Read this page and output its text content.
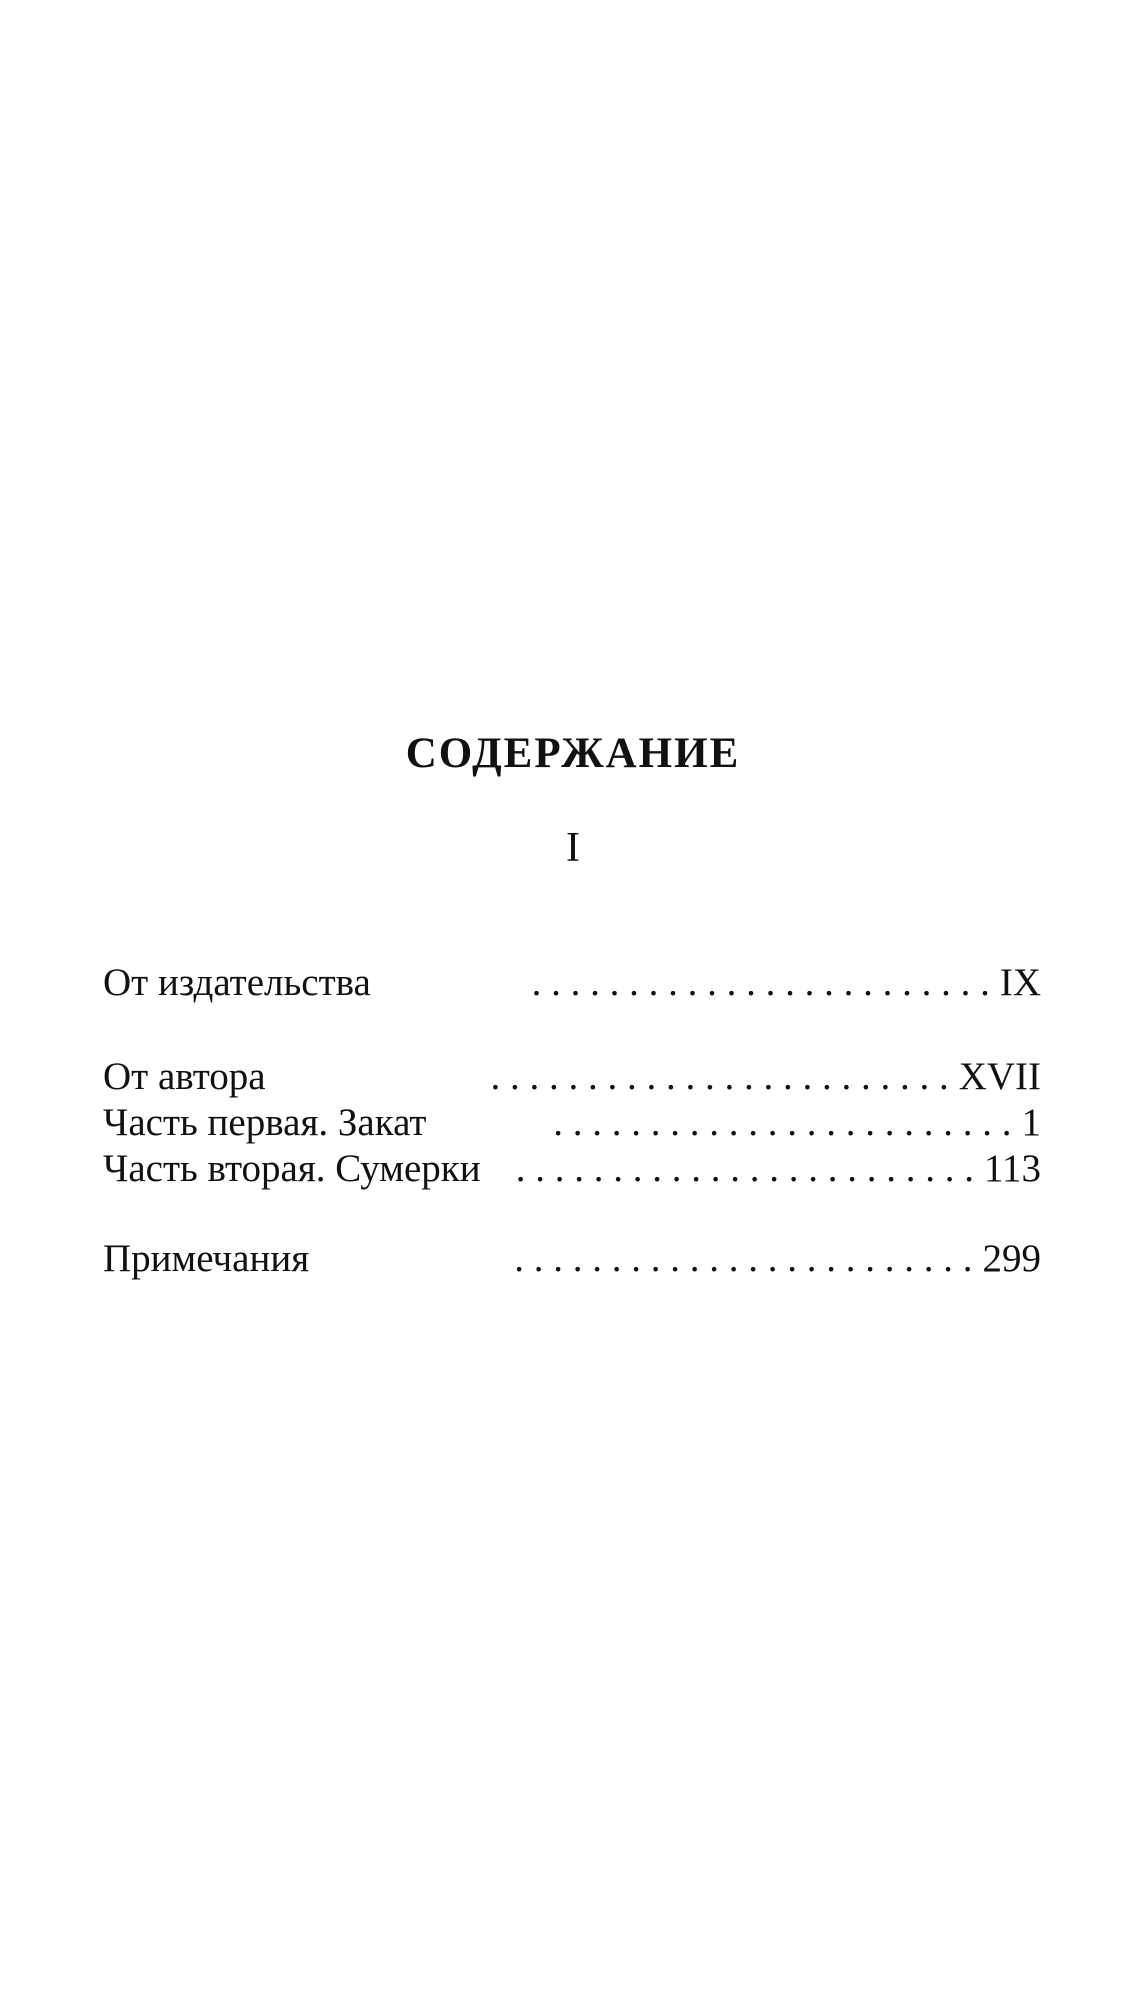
СОДЕРЖАНИЕ
I
От издательства	. . . . . . . . . . . . . . . . . . . . . . . . IX
От автора	. . . . . . . . . . . . . . . . . . . . . . . . XVII
Часть первая. Закат	. . . . . . . . . . . . . . . . . . . . . . . . 1
Часть вторая. Сумерки . . . . . . . . . . . . . . . . . . . . . . . . 113
Примечания	. . . . . . . . . . . . . . . . . . . . . . . . 299
